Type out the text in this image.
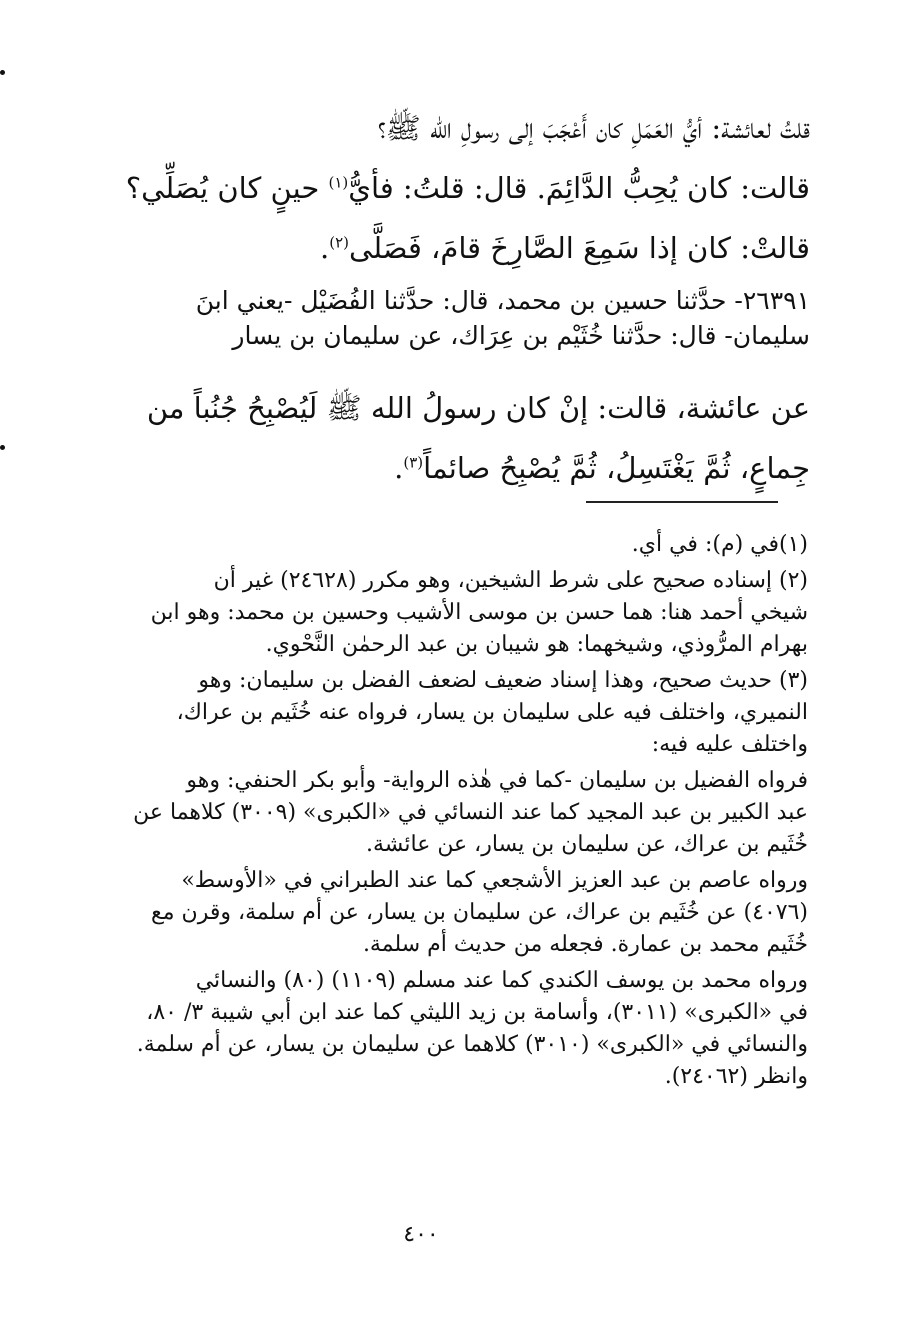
قلتُ لعائشة: أيُّ العَمَلِ كان أَعْجَبَ إلى رسولِ الله ﷺ؟

قالت: كان يُحِبُّ الدَّائِمَ. قال: قلتُ: فأيُّ$^{(١)}$ حينٍ كان يُصَلِّي؟

قالتْ: كان إذا سَمِعَ الصَّارِخَ قامَ، فَصَلَّى$^{(٢)}$.

٢٦٣٩١- حدَّثنا حسين بن محمد، قال: حدَّثنا الفُضَيْل -يعني ابنَ

سليمان- قال: حدَّثنا خُثَيْم بن عِرَاك، عن سليمان بن يسار

عن عائشة، قالت: إنْ كان رسولُ الله ﷺ لَيُصْبِحُ جُنُباً من

جِماعٍ، ثُمَّ يَغْتَسِلُ، ثُمَّ يُصْبِحُ صائماً$^{(٣)}$.

(١)في (م): في أي.

(٢) إسناده صحيح على شرط الشيخين، وهو مكرر (٢٤٦٢٨) غير أن

شيخي أحمد هنا: هما حسن بن موسى الأشيب وحسين بن محمد: وهو ابن

بهرام المرُّوذي، وشيخهما: هو شيبان بن عبد الرحمٰن النَّحْوي.

(٣) حديث صحيح، وهذا إسناد ضعيف لضعف الفضل بن سليمان: وهو

النميري، واختلف فيه على سليمان بن يسار، فرواه عنه خُثَيم بن عراك،

واختلف عليه فيه:

فرواه الفضيل بن سليمان -كما في هٰذه الرواية- وأبو بكر الحنفي: وهو

عبد الكبير بن عبد المجيد كما عند النسائي في «الكبرى» (٣٠٠٩) كلاهما عن

خُثَيم بن عراك، عن سليمان بن يسار، عن عائشة.

ورواه عاصم بن عبد العزيز الأشجعي كما عند الطبراني في «الأوسط»

(٤٠٧٦) عن خُثَيم بن عراك، عن سليمان بن يسار، عن أم سلمة، وقرن مع

خُثَيم محمد بن عمارة. فجعله من حديث أم سلمة.

ورواه محمد بن يوسف الكندي كما عند مسلم (١١٠٩) (٨٠) والنسائي

في «الكبرى» (٣٠١١)، وأسامة بن زيد الليثي كما عند ابن أبي شيبة ٣/ ٨٠،

والنسائي في «الكبرى» (٣٠١٠) كلاهما عن سليمان بن يسار، عن أم سلمة.

وانظر (٢٤٠٦٢).

٤٠٠
